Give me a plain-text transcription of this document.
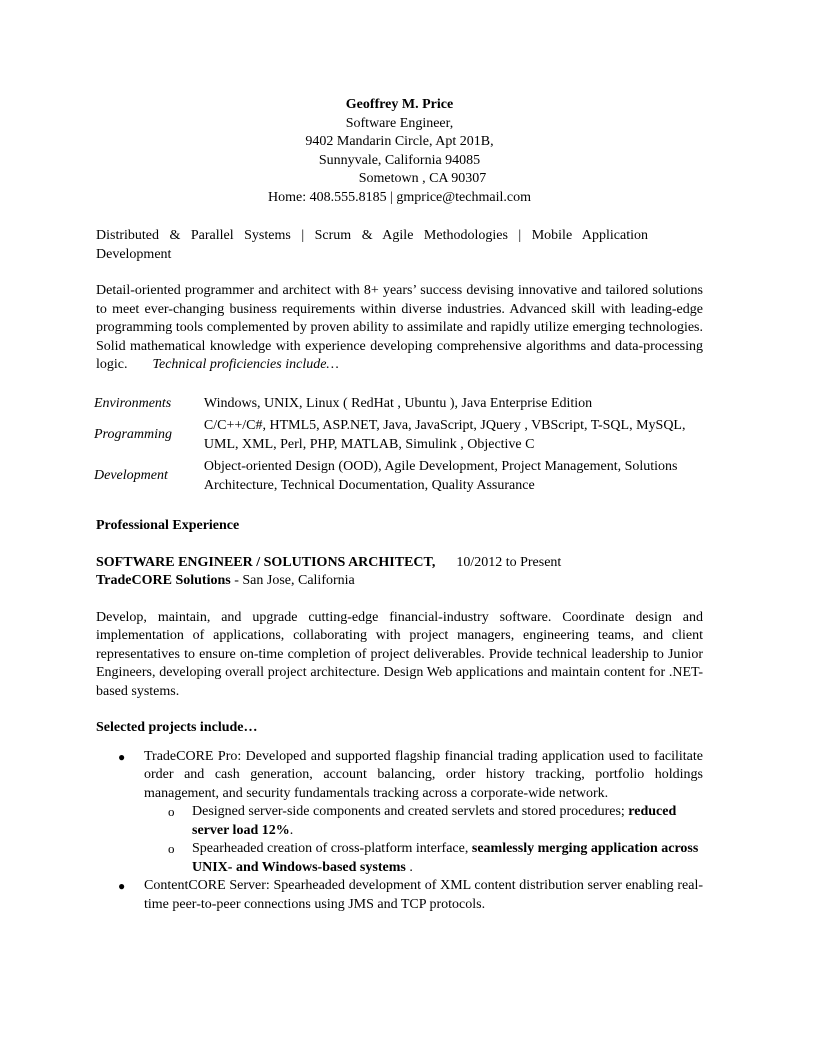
Geoffrey M. Price
Software Engineer,
9402 Mandarin Circle, Apt 201B,
Sunnyvale, California 94085
Sometown , CA 90307
Home: 408.555.8185 | gmprice@techmail.com
Distributed & Parallel Systems | Scrum & Agile Methodologies | Mobile Application Development
Detail-oriented programmer and architect with 8+ years’ success devising innovative and tailored solutions to meet ever-changing business requirements within diverse industries. Advanced skill with leading-edge programming tools complemented by proven ability to assimilate and rapidly utilize emerging technologies. Solid mathematical knowledge with experience developing comprehensive algorithms and data-processing logic. Technical proficiencies include…
Environments	Windows, UNIX, Linux ( RedHat , Ubuntu ), Java Enterprise Edition
Programming	C/C++/C#, HTML5, ASP.NET, Java, JavaScript, JQuery , VBScript, T-SQL, MySQL, UML, XML, Perl, PHP, MATLAB, Simulink , Objective C
Development	Object-oriented Design (OOD), Agile Development, Project Management, Solutions Architecture, Technical Documentation, Quality Assurance
Professional Experience
SOFTWARE ENGINEER / SOLUTIONS ARCHITECT, 10/2012 to Present
TradeCORE Solutions - San Jose, California
Develop, maintain, and upgrade cutting-edge financial-industry software. Coordinate design and implementation of applications, collaborating with project managers, engineering teams, and client representatives to ensure on-time completion of project deliverables. Provide technical leadership to Junior Engineers, developing overall project architecture. Design Web applications and maintain content for .NET-based systems.
Selected projects include…
● TradeCORE Pro: Developed and supported flagship financial trading application used to facilitate order and cash generation, account balancing, order history tracking, portfolio holdings management, and security fundamentals tracking across a corporate-wide network.
o Designed server-side components and created servlets and stored procedures; reduced server load 12%.
o Spearheaded creation of cross-platform interface, seamlessly merging application across UNIX- and Windows-based systems .
● ContentCORE Server: Spearheaded development of XML content distribution server enabling real-time peer-to-peer connections using JMS and TCP protocols.
